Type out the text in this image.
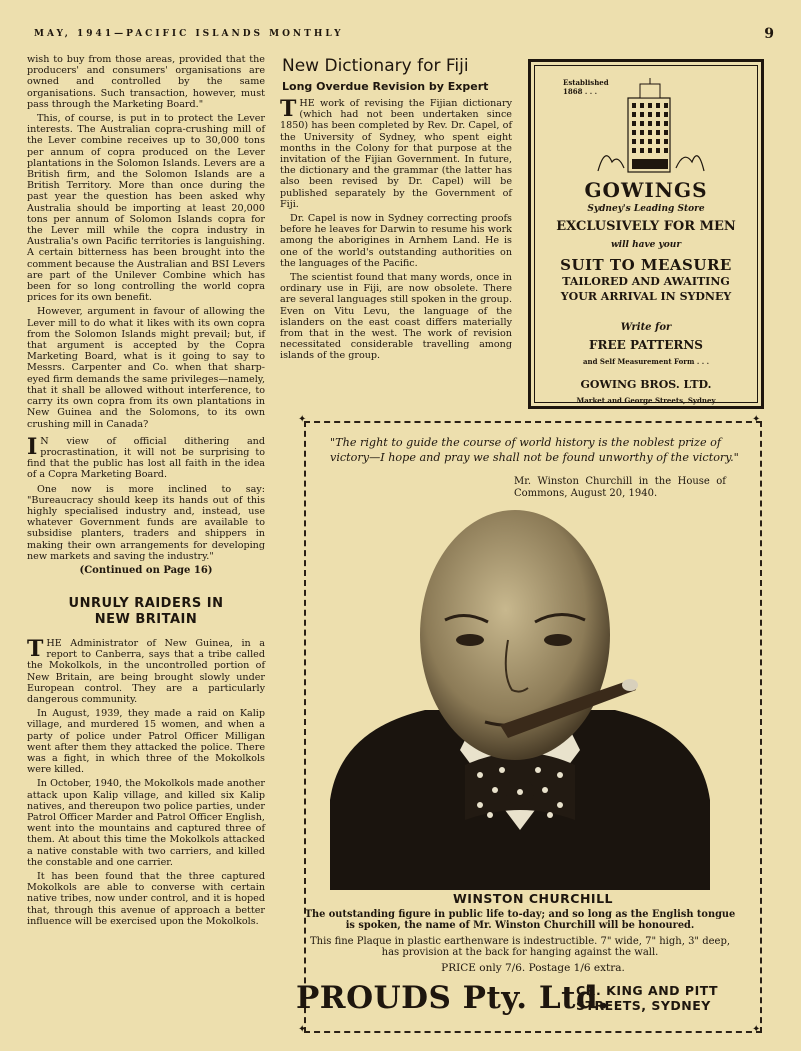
MAY, 1941—PACIFIC ISLANDS MONTHLY	9

wish to buy from those areas, provided that the producers' and consumers' organisations are owned and controlled by the same organisations. Such transaction, however, must pass through the Marketing Board."

This, of course, is put in to protect the Lever interests. The Australian copra-crushing mill of the Lever combine receives up to 30,000 tons per annum of copra produced on the Lever plantations in the Solomon Islands. Levers are a British firm, and the Solomon Islands are a British Territory. More than once during the past year the question has been asked why Australia should be importing at least 20,000 tons per annum of Solomon Islands copra for the Lever mill while the copra industry in Australia's own Pacific territories is languishing. A certain bitterness has been brought into the comment because the Australian and BSI Levers are part of the Unilever Combine which has been for so long controlling the world copra prices for its own benefit.

However, argument in favour of allowing the Lever mill to do what it likes with its own copra from the Solomon Islands might prevail; but, if that argument is accepted by the Copra Marketing Board, what is it going to say to Messrs. Carpenter and Co. when that sharp-eyed firm demands the same privileges—namely, that it shall be allowed without interference, to carry its own copra from its own plantations in New Guinea and the Solomons, to its own crushing mill in Canada?

I N view of official dithering and procrastination, it will not be surprising to find that the public has lost all faith in the idea of a Copra Marketing Board.

One now is more inclined to say: "Bureaucracy should keep its hands out of this highly specialised industry and, instead, use whatever Government funds are available to subsidise planters, traders and shippers in making their own arrangements for developing new markets and saving the industry."

(Continued on Page 16)

UNRULY RAIDERS IN NEW BRITAIN

THE Administrator of New Guinea, in a report to Canberra, says that a tribe called the Mokolkols, in the uncontrolled portion of New Britain, are being brought slowly under European control. They are a particularly dangerous community.

In August, 1939, they made a raid on Kalip village, and murdered 15 women, and when a party of police under Patrol Officer Milligan went after them they attacked the police. There was a fight, in which three of the Mokolkols were killed.

In October, 1940, the Mokolkols made another attack upon Kalip village, and killed six Kalip natives, and thereupon two police parties, under Patrol Officer Marder and Patrol Officer English, went into the mountains and captured three of them. At about this time the Mokolkols attacked a native constable with two carriers, and killed the constable and one carrier.

It has been found that the three captured Mokolkols are able to converse with certain native tribes, now under control, and it is hoped that, through this avenue of approach a better influence will be exercised upon the Mokolkols.

New Dictionary for Fiji
Long Overdue Revision by Expert

THE work of revising the Fijian dictionary (which had not been undertaken since 1850) has been completed by Rev. Dr. Capel, of the University of Sydney, who spent eight months in the Colony for that purpose at the invitation of the Fijian Government. In future, the dictionary and the grammar (the latter has also been revised by Dr. Capel) will be published separately by the Government of Fiji.

Dr. Capel is now in Sydney correcting proofs before he leaves for Darwin to resume his work among the aborigines in Arnhem Land. He is one of the world's outstanding authorities on the languages of the Pacific.

The scientist found that many words, once in ordinary use in Fiji, are now obsolete. There are several languages still spoken in the group. Even on Vitu Levu, the language of the islanders on the east coast differs materially from that in the west. The work of revision necessitated considerable travelling among islands of the group.

Established
1868 . . .
GOWINGS
Sydney's Leading Store
EXCLUSIVELY FOR MEN
will have your
SUIT TO MEASURE
TAILORED AND AWAITING
YOUR ARRIVAL IN SYDNEY
Write for
FREE PATTERNS
and Self Measurement Form . . .
GOWING BROS. LTD.
Market and George Streets, Sydney
✦	✦
✦	✦

"The right to guide the course of world history is the noblest prize of victory—I hope and pray we shall not be found unworthy of the victory."

Mr. Winston Churchill in the House of Commons, August 20, 1940.
WINSTON CHURCHILL
The outstanding figure in public life to-day; and so long as the English tongue is spoken, the name of Mr. Winston Churchill will be honoured.
This fine Plaque in plastic earthenware is indestructible. 7" wide, 7" high, 3" deep, has provision at the back for hanging against the wall.
PRICE only 7/6. Postage 1/6 extra.
PROUDS Pty. Ltd.
CR. KING AND PITT
STREETS, SYDNEY
